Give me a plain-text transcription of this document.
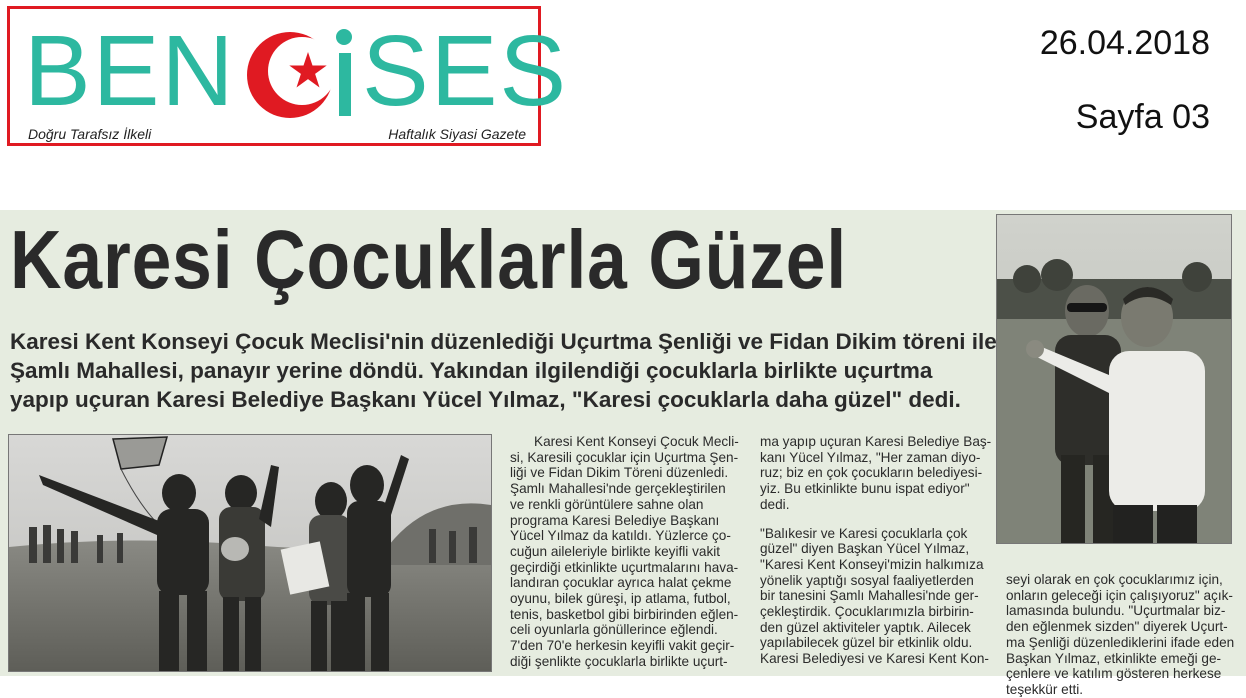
BEN SES
Doğru Tarafsız İlkeli	Haftalık Siyasi Gazete
26.04.2018
Sayfa 03
Karesi Çocuklarla Güzel
Karesi Kent Konseyi Çocuk Meclisi'nin düzenlediği Uçurtma Şenliği ve Fidan Dikim töreni ile
Şamlı Mahallesi, panayır yerine döndü. Yakından ilgilendiği çocuklarla birlikte uçurtma
yapıp uçuran Karesi Belediye Başkanı Yücel Yılmaz, "Karesi çocuklarla daha güzel" dedi.
Karesi Kent Konseyi Çocuk Mecli-
si, Karesili çocuklar için Uçurtma Şen-
liği ve Fidan Dikim Töreni düzenledi.
Şamlı Mahallesi'nde gerçekleştirilen
ve renkli görüntülere sahne olan
programa Karesi Belediye Başkanı
Yücel Yılmaz da katıldı. Yüzlerce ço-
cuğun aileleriyle birlikte keyifli vakit
geçirdiği etkinlikte uçurtmalarını hava-
landıran çocuklar ayrıca halat çekme
oyunu, bilek güreşi, ip atlama, futbol,
tenis, basketbol gibi birbirinden eğlen-
celi oyunlarla gönüllerince eğlendi.
7'den 70'e herkesin keyifli vakit geçir-
diği şenlikte çocuklarla birlikte uçurt-
ma yapıp uçuran Karesi Belediye Baş-
kanı Yücel Yılmaz, "Her zaman diyo-
ruz; biz en çok çocukların belediyesi-
yiz. Bu etkinlikte bunu ispat ediyor"
dedi.
"Balıkesir ve Karesi çocuklarla çok
güzel" diyen Başkan Yücel Yılmaz,
"Karesi Kent Konseyi'mizin halkımıza
yönelik yaptığı sosyal faaliyetlerden
bir tanesini Şamlı Mahallesi'nde ger-
çekleştirdik. Çocuklarımızla birbirin-
den güzel aktiviteler yaptık. Ailecek
yapılabilecek güzel bir etkinlik oldu.
Karesi Belediyesi ve Karesi Kent Kon-
seyi olarak en çok çocuklarımız için,
onların geleceği için çalışıyoruz" açık-
lamasında bulundu. "Uçurtmalar biz-
den eğlenmek sizden" diyerek Uçurt-
ma Şenliği düzenlediklerini ifade eden
Başkan Yılmaz, etkinlikte emeği ge-
çenlere ve katılım gösteren herkese
teşekkür etti.
